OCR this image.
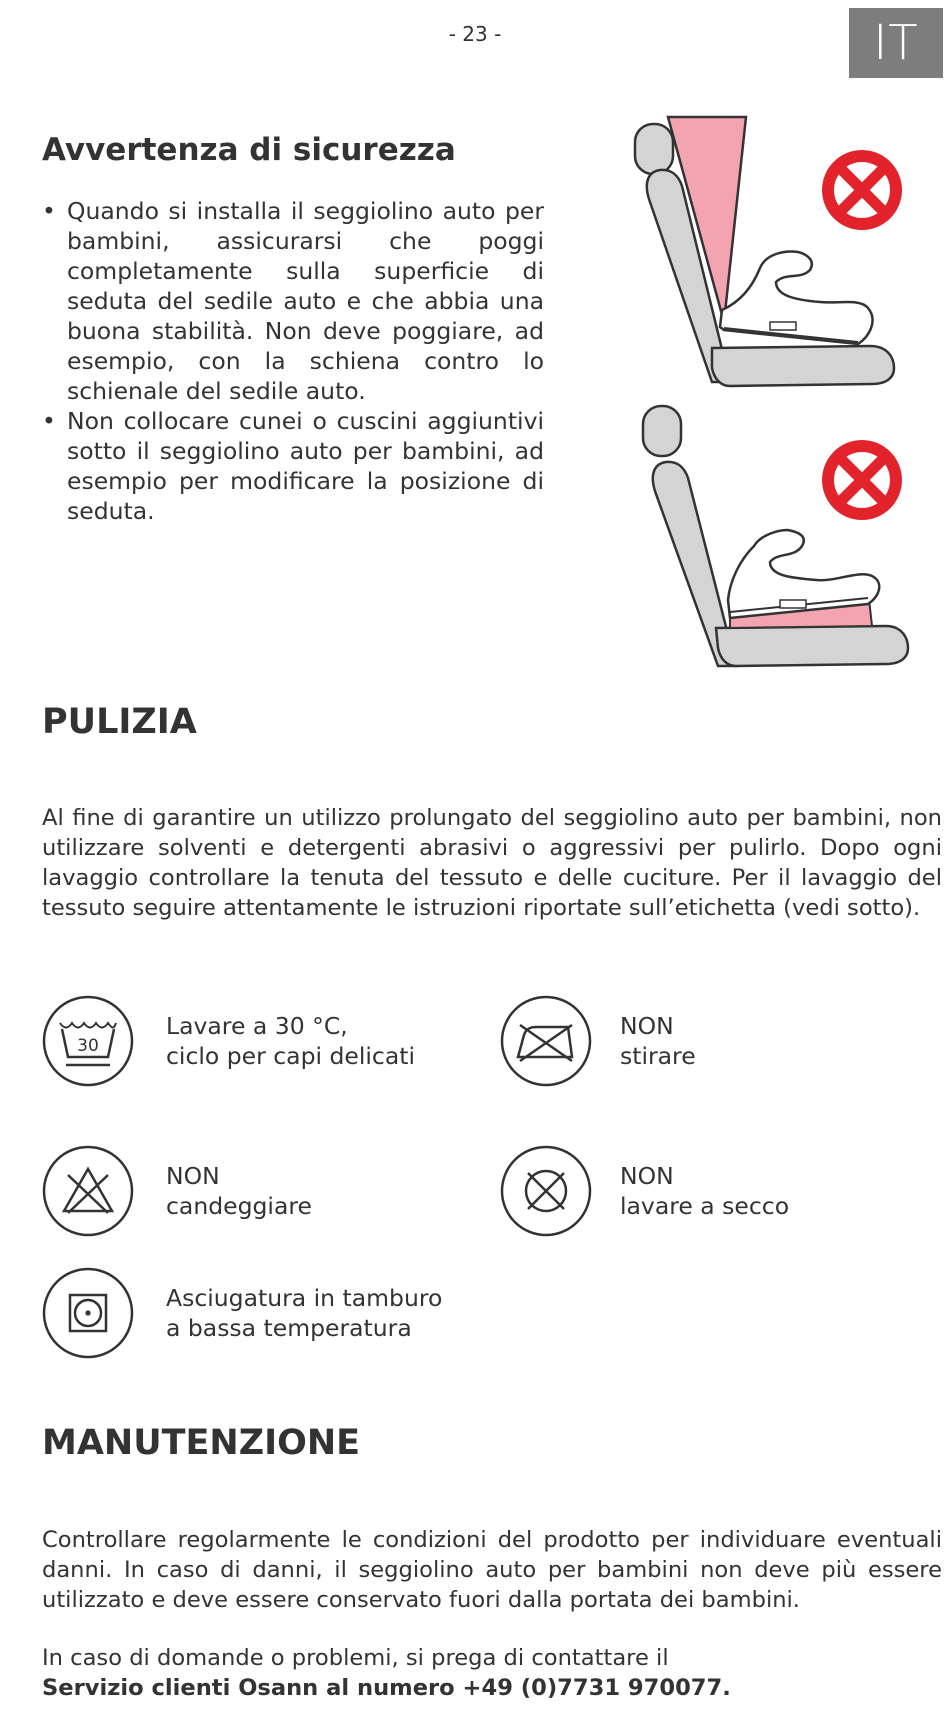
- 23 -	IT
Avvertenza di sicurezza
• Quando si installa il seggiolino auto per bambini, assicurarsi che poggi completamente sulla superficie di seduta del sedile auto e che abbia una buona stabilità. Non deve poggiare, ad esempio, con la schiena contro lo schienale del sedile auto.
• Non collocare cunei o cuscini aggiuntivi sotto il seggiolino auto per bambini, ad esempio per modificare la posizione di seduta.
PULIZIA

Al fine di garantire un utilizzo prolungato del seggiolino auto per bambini, non utilizzare solventi e detergenti abrasivi o aggressivi per pulirlo. Dopo ogni lavaggio controllare la tenuta del tessuto e delle cuciture. Per il lavaggio del tessuto seguire attentamente le istruzioni riportate sull’etichetta (vedi sotto).

30
Lavare a 30 °C,
ciclo per capi delicati
NON
stirare
NON
candeggiare
NON
lavare a secco
Asciugatura in tamburo
a bassa temperatura
MANUTENZIONE

Controllare regolarmente le condizioni del prodotto per individuare eventuali danni. In caso di danni, il seggiolino auto per bambini non deve più essere utilizzato e deve essere conservato fuori dalla portata dei bambini.

In caso di domande o problemi, si prega di contattare il
Servizio clienti Osann al numero +49 (0)7731 970077.
